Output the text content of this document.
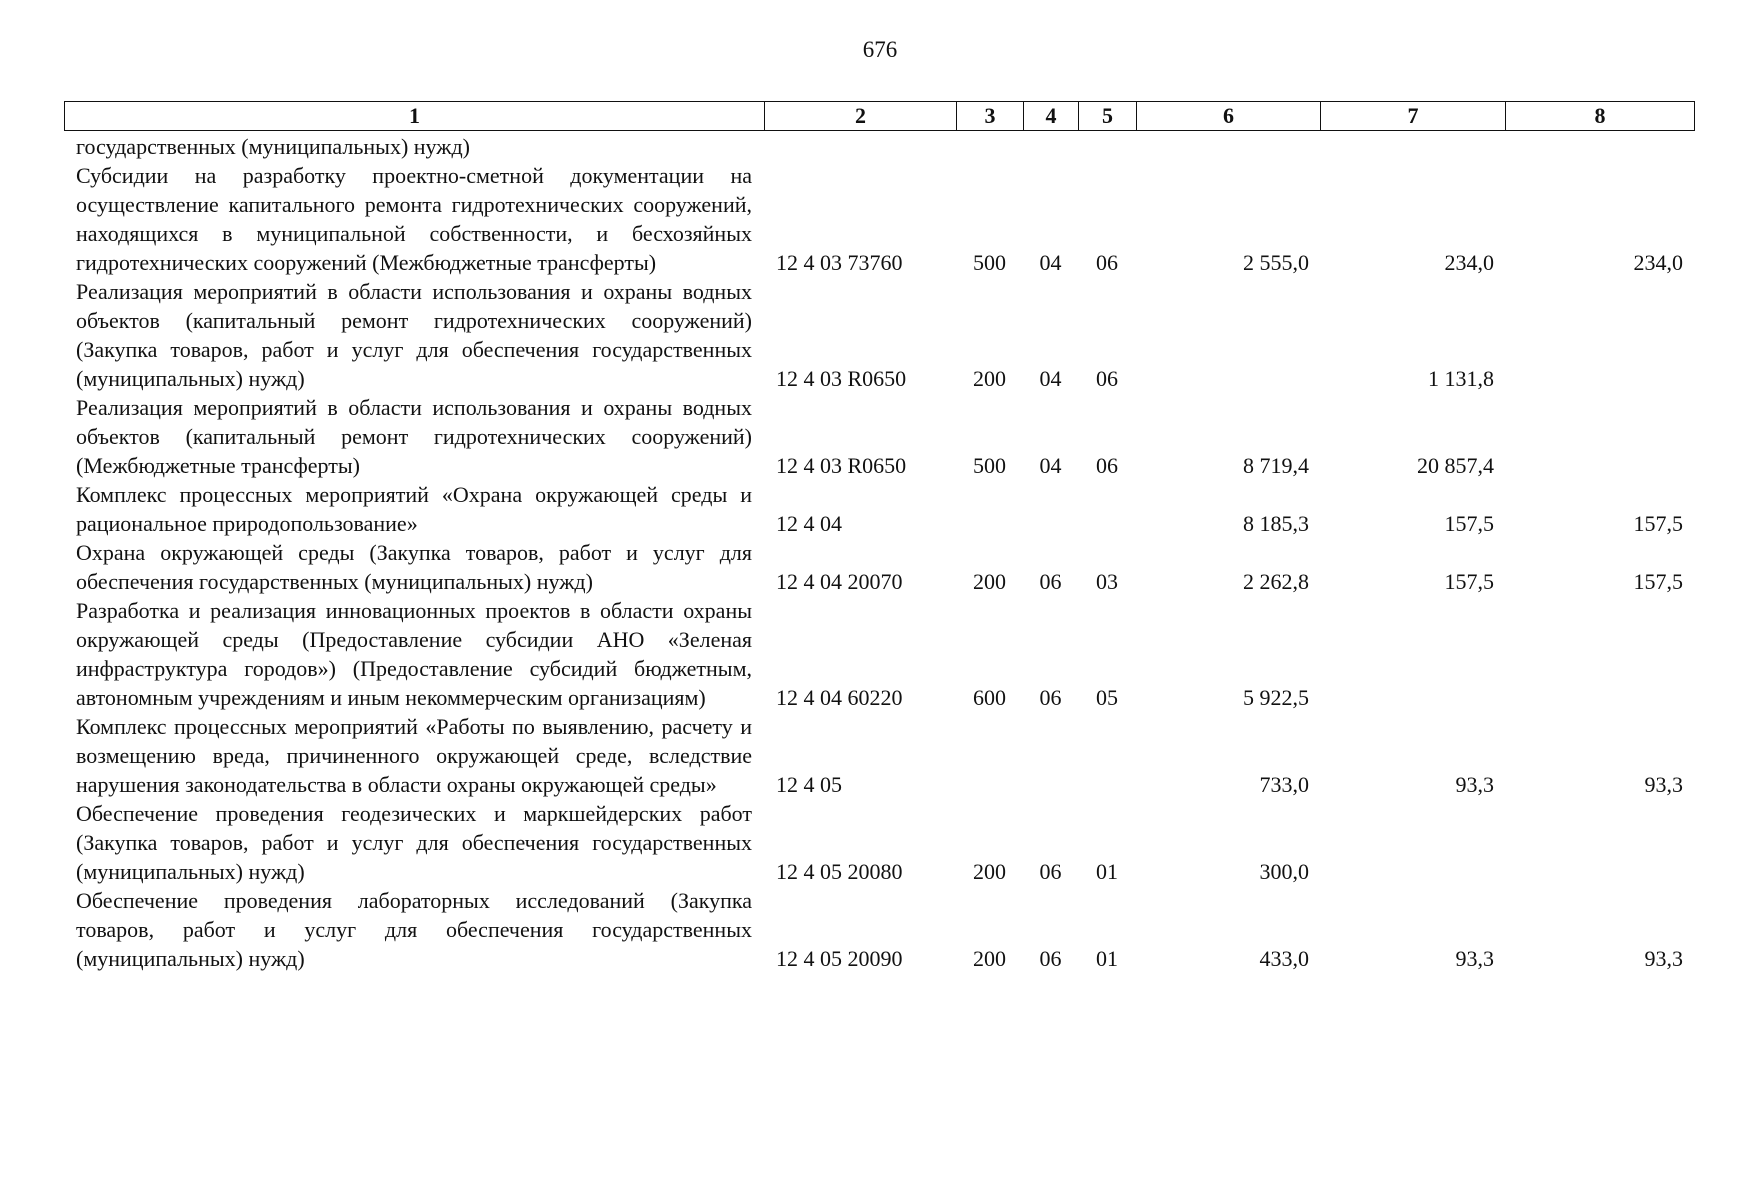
676
1	2	3	4	5	6	7	8
государственных (муниципальных) нужд)							
Субсидии на разработку проектно-сметной документации на осуществление капитального ремонта гидротехнических сооружений, находящихся в муниципальной собственности, и бесхозяйных гидротехнических сооружений (Межбюджетные трансферты)	12 4 03 73760	500	04	06	2 555,0	234,0	234,0
Реализация мероприятий в области использования и охраны водных объектов (капитальный ремонт гидротехнических сооружений) (Закупка товаров, работ и услуг для обеспечения государственных (муниципальных) нужд)	12 4 03 R0650	200	04	06		1 131,8	
Реализация мероприятий в области использования и охраны водных объектов (капитальный ремонт гидротехнических сооружений) (Межбюджетные трансферты)	12 4 03 R0650	500	04	06	8 719,4	20 857,4	
Комплекс процессных мероприятий «Охрана окружающей среды и рациональное природопользование»	12 4 04				8 185,3	157,5	157,5
Охрана окружающей среды (Закупка товаров, работ и услуг для обеспечения государственных (муниципальных) нужд)	12 4 04 20070	200	06	03	2 262,8	157,5	157,5
Разработка и реализация инновационных проектов в области охраны окружающей среды (Предоставление субсидии АНО «Зеленая инфраструктура городов») (Предоставление субсидий бюджетным, автономным учреждениям и иным некоммерческим организациям)	12 4 04 60220	600	06	05	5 922,5		
Комплекс процессных мероприятий «Работы по выявлению, расчету и возмещению вреда, причиненного окружающей среде, вследствие нарушения законодательства в области охраны окружающей среды»	12 4 05				733,0	93,3	93,3
Обеспечение проведения геодезических и маркшейдерских работ (Закупка товаров, работ и услуг для обеспечения государственных (муниципальных) нужд)	12 4 05 20080	200	06	01	300,0		
Обеспечение проведения лабораторных исследований (Закупка товаров, работ и услуг для обеспечения государственных (муниципальных) нужд)	12 4 05 20090	200	06	01	433,0	93,3	93,3
